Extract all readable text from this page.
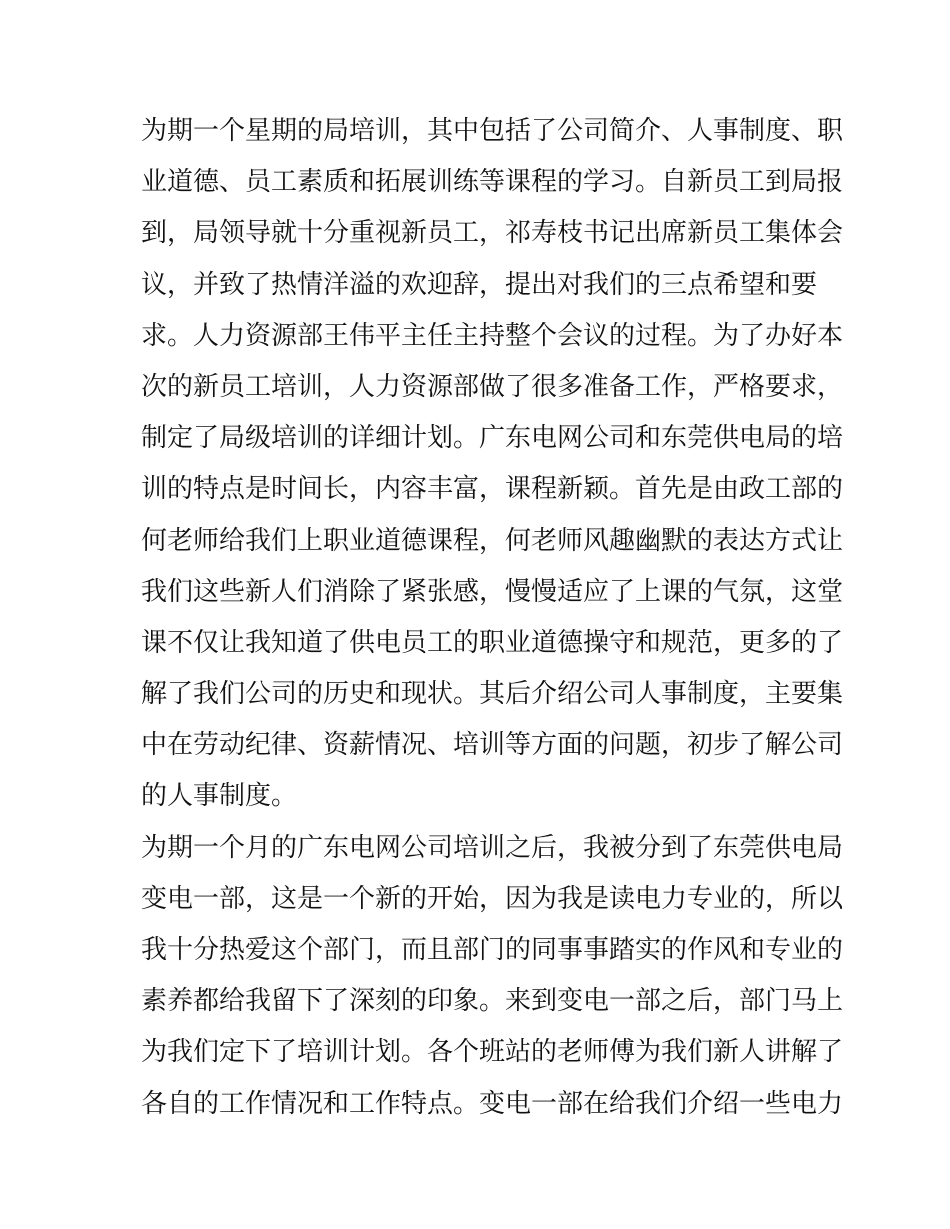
为期一个星期的局培训，其中包括了公司简介、人事制度、职
业道德、员工素质和拓展训练等课程的学习。自新员工到局报
到，局领导就十分重视新员工，祁寿枝书记出席新员工集体会
议，并致了热情洋溢的欢迎辞，提出对我们的三点希望和要
求。人力资源部王伟平主任主持整个会议的过程。为了办好本
次的新员工培训，人力资源部做了很多准备工作，严格要求，
制定了局级培训的详细计划。广东电网公司和东莞供电局的培
训的特点是时间长，内容丰富，课程新颖。首先是由政工部的
何老师给我们上职业道德课程，何老师风趣幽默的表达方式让
我们这些新人们消除了紧张感，慢慢适应了上课的气氛，这堂
课不仅让我知道了供电员工的职业道德操守和规范，更多的了
解了我们公司的历史和现状。其后介绍公司人事制度，主要集
中在劳动纪律、资薪情况、培训等方面的问题，初步了解公司
的人事制度。
为期一个月的广东电网公司培训之后，我被分到了东莞供电局
变电一部，这是一个新的开始，因为我是读电力专业的，所以
我十分热爱这个部门，而且部门的同事事踏实的作风和专业的
素养都给我留下了深刻的印象。来到变电一部之后，部门马上
为我们定下了培训计划。各个班站的老师傅为我们新人讲解了
各自的工作情况和工作特点。变电一部在给我们介绍一些电力
